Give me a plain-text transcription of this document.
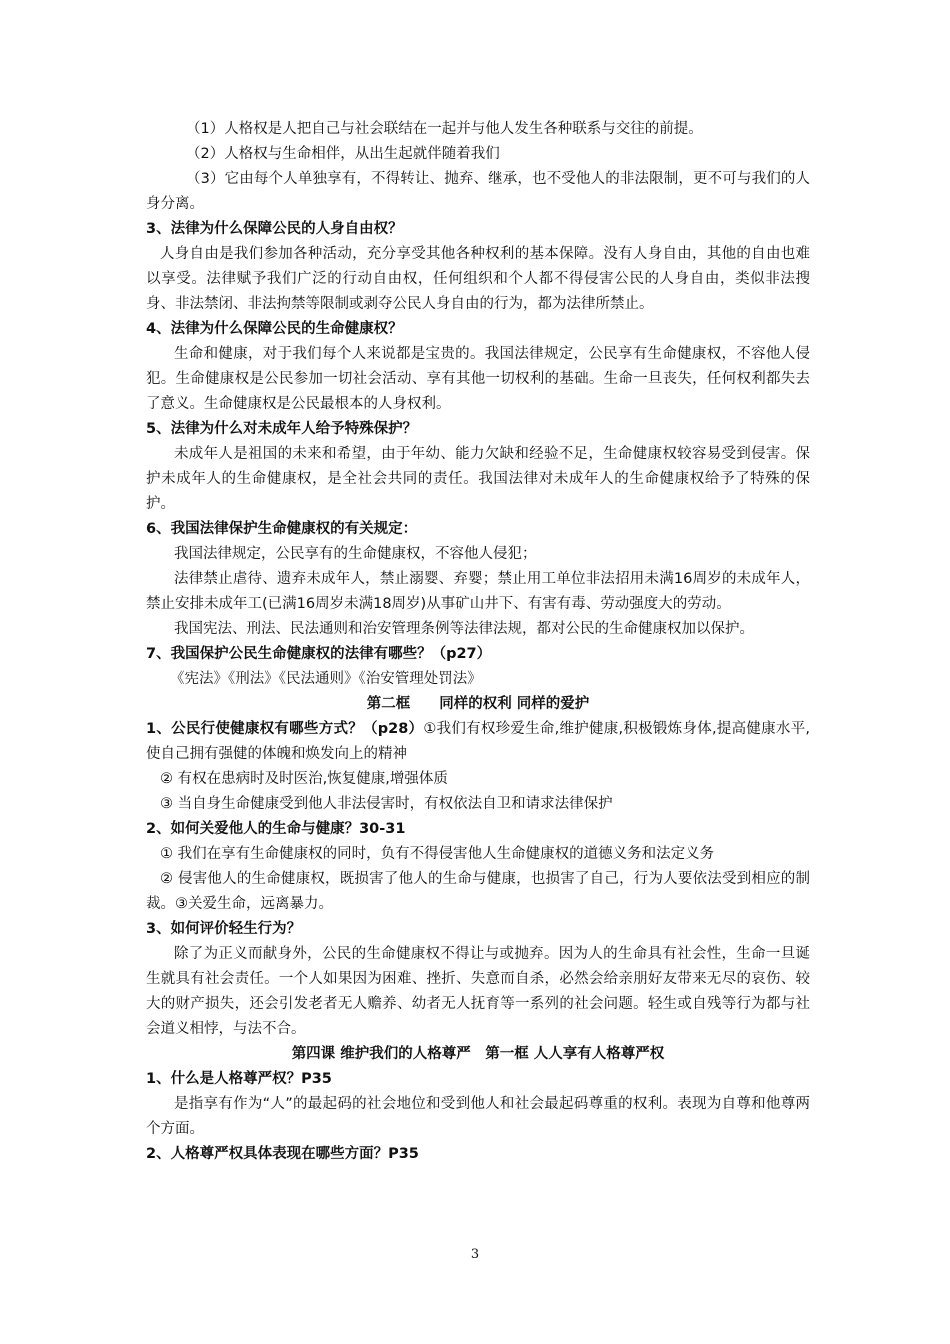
（1）人格权是人把自己与社会联结在一起并与他人发生各种联系与交往的前提。

（2）人格权与生命相伴，从出生起就伴随着我们

（3）它由每个人单独享有，不得转让、抛弃、继承，也不受他人的非法限制，更不可与我们的人身分离。

3、法律为什么保障公民的人身自由权？

人身自由是我们参加各种活动，充分享受其他各种权利的基本保障。没有人身自由，其他的自由也难以享受。法律赋予我们广泛的行动自由权，任何组织和个人都不得侵害公民的人身自由，类似非法搜身、非法禁闭、非法拘禁等限制或剥夺公民人身自由的行为，都为法律所禁止。

4、法律为什么保障公民的生命健康权？

生命和健康，对于我们每个人来说都是宝贵的。我国法律规定，公民享有生命健康权，不容他人侵犯。生命健康权是公民参加一切社会活动、享有其他一切权利的基础。生命一旦丧失，任何权利都失去了意义。生命健康权是公民最根本的人身权利。

5、法律为什么对未成年人给予特殊保护？

未成年人是祖国的未来和希望，由于年幼、能力欠缺和经验不足，生命健康权较容易受到侵害。保护未成年人的生命健康权，是全社会共同的责任。我国法律对未成年人的生命健康权给予了特殊的保护。

6、我国法律保护生命健康权的有关规定：

我国法律规定，公民享有的生命健康权，不容他人侵犯；

法律禁止虐待、遗弃未成年人，禁止溺婴、弃婴；禁止用工单位非法招用未满16周岁的未成年人，禁止安排未成年工(已满16周岁未满18周岁)从事矿山井下、有害有毒、劳动强度大的劳动。

我国宪法、刑法、民法通则和治安管理条例等法律法规，都对公民的生命健康权加以保护。

7、我国保护公民生命健康权的法律有哪些？（p27）

《宪法》《刑法》《民法通则》《治安管理处罚法》

第二框　　同样的权利 同样的爱护

1、公民行使健康权有哪些方式？（p28）①我们有权珍爱生命,维护健康,积极锻炼身体,提高健康水平,使自己拥有强健的体魄和焕发向上的精神

② 有权在患病时及时医治,恢复健康,增强体质

③ 当自身生命健康受到他人非法侵害时，有权依法自卫和请求法律保护

2、如何关爱他人的生命与健康？30-31

① 我们在享有生命健康权的同时，负有不得侵害他人生命健康权的道德义务和法定义务

② 侵害他人的生命健康权，既损害了他人的生命与健康，也损害了自己，行为人要依法受到相应的制裁。③关爱生命，远离暴力。

3、如何评价轻生行为？

除了为正义而献身外，公民的生命健康权不得让与或抛弃。因为人的生命具有社会性，生命一旦诞生就具有社会责任。一个人如果因为困难、挫折、失意而自杀，必然会给亲朋好友带来无尽的哀伤、较大的财产损失，还会引发老者无人赡养、幼者无人抚育等一系列的社会问题。轻生或自残等行为都与社会道义相悖，与法不合。

第四课 维护我们的人格尊严　第一框 人人享有人格尊严权

1、什么是人格尊严权？P35

是指享有作为“人”的最起码的社会地位和受到他人和社会最起码尊重的权利。表现为自尊和他尊两个方面。

2、人格尊严权具体表现在哪些方面？P35

3
